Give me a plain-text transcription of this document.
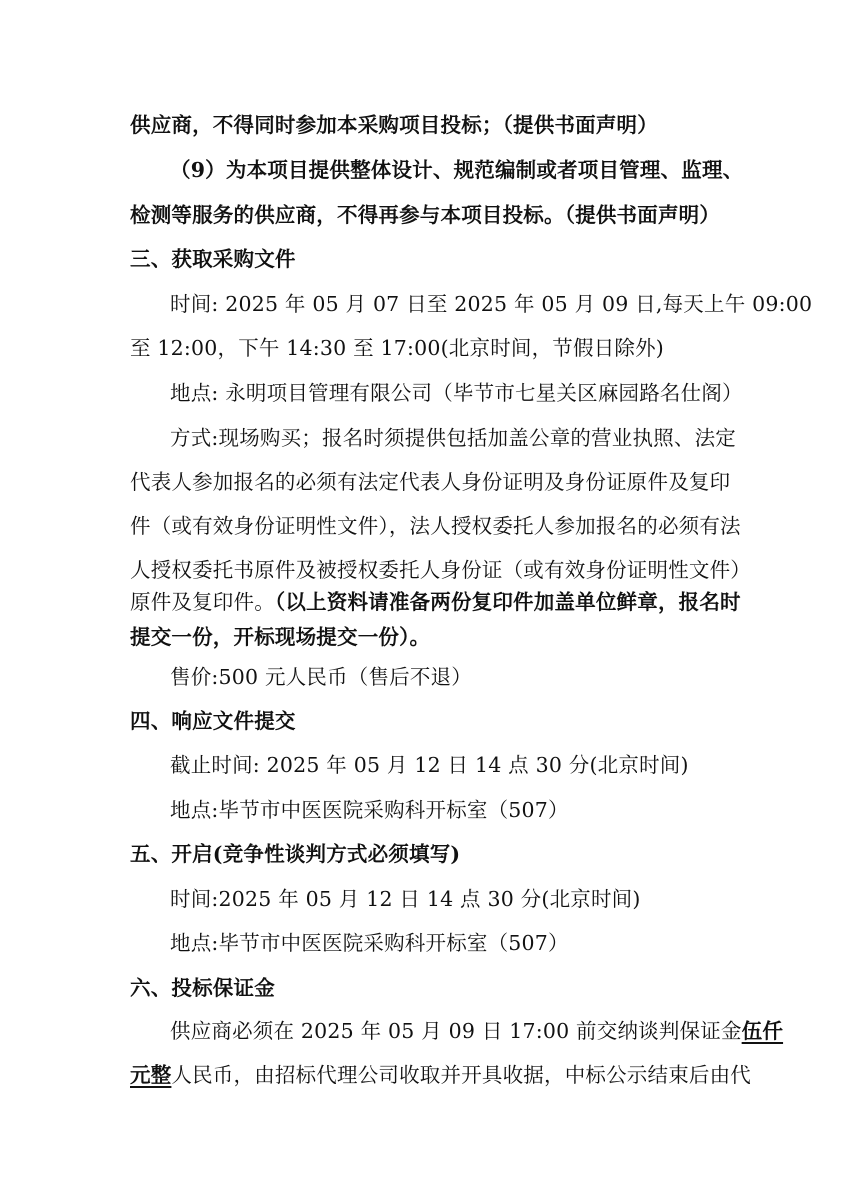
供应商，不得同时参加本采购项目投标；（提供书面声明）
（9）为本项目提供整体设计、规范编制或者项目管理、监理、
检测等服务的供应商，不得再参与本项目投标。（提供书面声明）
三、获取采购文件
时间: 2025 年 05 月 07 日至 2025 年 05 月 09 日,每天上午 09:00
至 12:00，下午 14:30 至 17:00(北京时间，节假日除外)
地点: 永明项目管理有限公司（毕节市七星关区麻园路名仕阁）
方式:现场购买；报名时须提供包括加盖公章的营业执照、法定
代表人参加报名的必须有法定代表人身份证明及身份证原件及复印
件（或有效身份证明性文件），法人授权委托人参加报名的必须有法
人授权委托书原件及被授权委托人身份证（或有效身份证明性文件）
原件及复印件。（以上资料请准备两份复印件加盖单位鲜章，报名时
提交一份，开标现场提交一份）。
售价:500 元人民币（售后不退）
四、响应文件提交
截止时间: 2025 年 05 月 12 日 14 点 30 分(北京时间)
地点:毕节市中医医院采购科开标室（507）
五、开启(竞争性谈判方式必须填写)
时间:2025 年 05 月 12 日 14 点 30 分(北京时间)
地点:毕节市中医医院采购科开标室（507）
六、投标保证金
供应商必须在 2025 年 05 月 09 日 17:00 前交纳谈判保证金伍仟
元整人民币，由招标代理公司收取并开具收据，中标公示结束后由代
